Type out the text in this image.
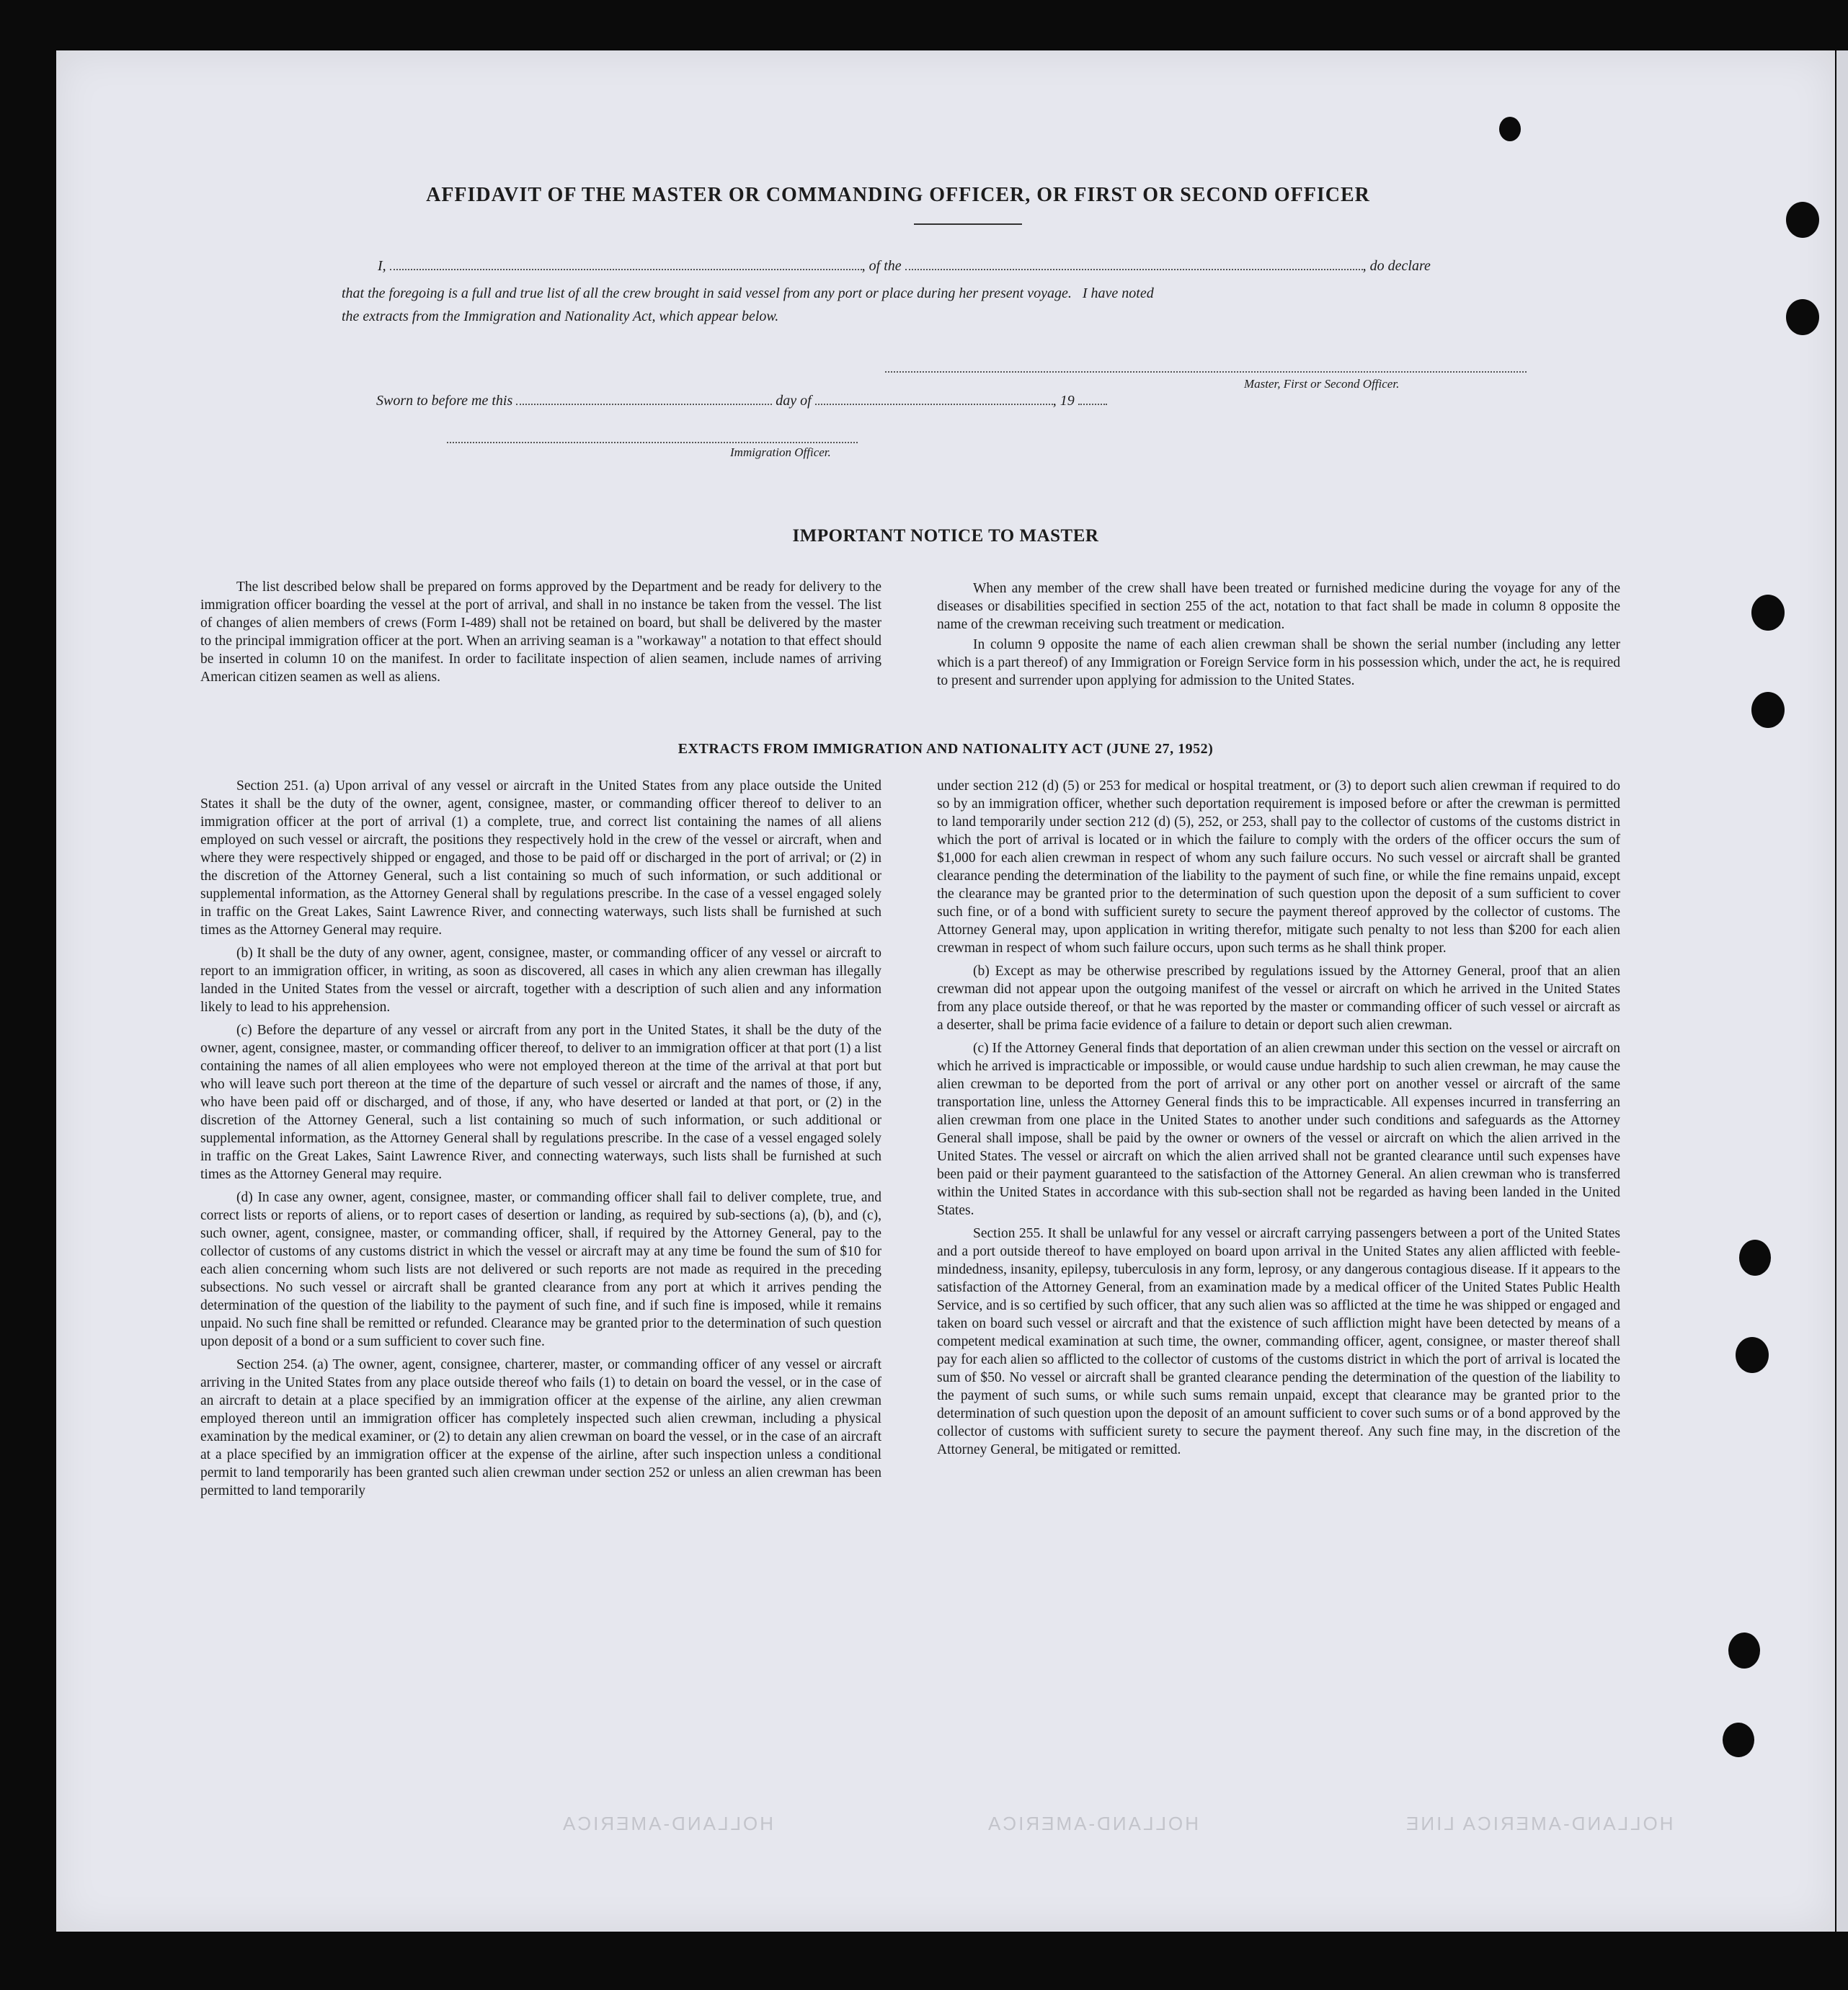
HOLLAND-AMERICA	HOLLAND-AMERICA	HOLLAND-AMERICA LINE
AFFIDAVIT OF THE MASTER OR COMMANDING OFFICER, OR FIRST OR SECOND OFFICER
I,	, of the	, do declare
that the foregoing is a full and true list of all the crew brought in said vessel from any port or place during her present voyage.   I have noted
the extracts from the Immigration and Nationality Act, which appear below.
Master, First or Second Officer.
Sworn to before me this	day of	, 19
Immigration Officer.
IMPORTANT NOTICE TO MASTER

The list described below shall be prepared on forms approved by the Department and be ready for delivery to the immigration officer boarding the vessel at the port of arrival, and shall in no instance be taken from the vessel. The list of changes of alien members of crews (Form I-489) shall not be retained on board, but shall be delivered by the master to the principal immigration officer at the port. When an arriving seaman is a "workaway" a notation to that effect should be inserted in column 10 on the manifest. In order to facilitate inspection of alien seamen, include names of arriving American citizen seamen as well as aliens.

When any member of the crew shall have been treated or furnished medicine during the voyage for any of the diseases or disabilities specified in section 255 of the act, notation to that fact shall be made in column 8 opposite the name of the crewman receiving such treatment or medication.

In column 9 opposite the name of each alien crewman shall be shown the serial number (including any letter which is a part thereof) of any Immigration or Foreign Service form in his possession which, under the act, he is required to present and surrender upon applying for admission to the United States.

EXTRACTS FROM IMMIGRATION AND NATIONALITY ACT (JUNE 27, 1952)

Section 251. (a) Upon arrival of any vessel or aircraft in the United States from any place outside the United States it shall be the duty of the owner, agent, consignee, master, or commanding officer thereof to deliver to an immigration officer at the port of arrival (1) a complete, true, and correct list containing the names of all aliens employed on such vessel or aircraft, the positions they respectively hold in the crew of the vessel or aircraft, when and where they were respectively shipped or engaged, and those to be paid off or discharged in the port of arrival; or (2) in the discretion of the Attorney General, such a list containing so much of such information, or such additional or supplemental information, as the Attorney General shall by regulations prescribe. In the case of a vessel engaged solely in traffic on the Great Lakes, Saint Lawrence River, and connecting waterways, such lists shall be furnished at such times as the Attorney General may require.

(b) It shall be the duty of any owner, agent, consignee, master, or commanding officer of any vessel or aircraft to report to an immigration officer, in writing, as soon as discovered, all cases in which any alien crewman has illegally landed in the United States from the vessel or aircraft, together with a description of such alien and any information likely to lead to his apprehension.

(c) Before the departure of any vessel or aircraft from any port in the United States, it shall be the duty of the owner, agent, consignee, master, or commanding officer thereof, to deliver to an immigration officer at that port (1) a list containing the names of all alien employees who were not employed thereon at the time of the arrival at that port but who will leave such port thereon at the time of the departure of such vessel or aircraft and the names of those, if any, who have been paid off or discharged, and of those, if any, who have deserted or landed at that port, or (2) in the discretion of the Attorney General, such a list containing so much of such information, or such additional or supplemental information, as the Attorney General shall by regulations prescribe. In the case of a vessel engaged solely in traffic on the Great Lakes, Saint Lawrence River, and connecting waterways, such lists shall be furnished at such times as the Attorney General may require.

(d) In case any owner, agent, consignee, master, or commanding officer shall fail to deliver complete, true, and correct lists or reports of aliens, or to report cases of desertion or landing, as required by sub-sections (a), (b), and (c), such owner, agent, consignee, master, or commanding officer, shall, if required by the Attorney General, pay to the collector of customs of any customs district in which the vessel or aircraft may at any time be found the sum of $10 for each alien concerning whom such lists are not delivered or such reports are not made as required in the preceding subsections. No such vessel or aircraft shall be granted clearance from any port at which it arrives pending the determination of the question of the liability to the payment of such fine, and if such fine is imposed, while it remains unpaid. No such fine shall be remitted or refunded. Clearance may be granted prior to the determination of such question upon deposit of a bond or a sum sufficient to cover such fine.

Section 254. (a) The owner, agent, consignee, charterer, master, or commanding officer of any vessel or aircraft arriving in the United States from any place outside thereof who fails (1) to detain on board the vessel, or in the case of an aircraft to detain at a place specified by an immigration officer at the expense of the airline, any alien crewman employed thereon until an immigration officer has completely inspected such alien crewman, including a physical examination by the medical examiner, or (2) to detain any alien crewman on board the vessel, or in the case of an aircraft at a place specified by an immigration officer at the expense of the airline, after such inspection unless a conditional permit to land temporarily has been granted such alien crewman under section 252 or unless an alien crewman has been permitted to land temporarily

under section 212 (d) (5) or 253 for medical or hospital treatment, or (3) to deport such alien crewman if required to do so by an immigration officer, whether such deportation requirement is imposed before or after the crewman is permitted to land temporarily under section 212 (d) (5), 252, or 253, shall pay to the collector of customs of the customs district in which the port of arrival is located or in which the failure to comply with the orders of the officer occurs the sum of $1,000 for each alien crewman in respect of whom any such failure occurs. No such vessel or aircraft shall be granted clearance pending the determination of the liability to the payment of such fine, or while the fine remains unpaid, except the clearance may be granted prior to the determination of such question upon the deposit of a sum sufficient to cover such fine, or of a bond with sufficient surety to secure the payment thereof approved by the collector of customs. The Attorney General may, upon application in writing therefor, mitigate such penalty to not less than $200 for each alien crewman in respect of whom such failure occurs, upon such terms as he shall think proper.

(b) Except as may be otherwise prescribed by regulations issued by the Attorney General, proof that an alien crewman did not appear upon the outgoing manifest of the vessel or aircraft on which he arrived in the United States from any place outside thereof, or that he was reported by the master or commanding officer of such vessel or aircraft as a deserter, shall be prima facie evidence of a failure to detain or deport such alien crewman.

(c) If the Attorney General finds that deportation of an alien crewman under this section on the vessel or aircraft on which he arrived is impracticable or impossible, or would cause undue hardship to such alien crewman, he may cause the alien crewman to be deported from the port of arrival or any other port on another vessel or aircraft of the same transportation line, unless the Attorney General finds this to be impracticable. All expenses incurred in transferring an alien crewman from one place in the United States to another under such conditions and safeguards as the Attorney General shall impose, shall be paid by the owner or owners of the vessel or aircraft on which the alien arrived in the United States. The vessel or aircraft on which the alien arrived shall not be granted clearance until such expenses have been paid or their payment guaranteed to the satisfaction of the Attorney General. An alien crewman who is transferred within the United States in accordance with this sub-section shall not be regarded as having been landed in the United States.

Section 255. It shall be unlawful for any vessel or aircraft carrying passengers between a port of the United States and a port outside thereof to have employed on board upon arrival in the United States any alien afflicted with feeble-mindedness, insanity, epilepsy, tuberculosis in any form, leprosy, or any dangerous contagious disease. If it appears to the satisfaction of the Attorney General, from an examination made by a medical officer of the United States Public Health Service, and is so certified by such officer, that any such alien was so afflicted at the time he was shipped or engaged and taken on board such vessel or aircraft and that the existence of such affliction might have been detected by means of a competent medical examination at such time, the owner, commanding officer, agent, consignee, or master thereof shall pay for each alien so afflicted to the collector of customs of the customs district in which the port of arrival is located the sum of $50. No vessel or aircraft shall be granted clearance pending the determination of the question of the liability to the payment of such sums, or while such sums remain unpaid, except that clearance may be granted prior to the determination of such question upon the deposit of an amount sufficient to cover such sums or of a bond approved by the collector of customs with sufficient surety to secure the payment thereof. Any such fine may, in the discretion of the Attorney General, be mitigated or remitted.
